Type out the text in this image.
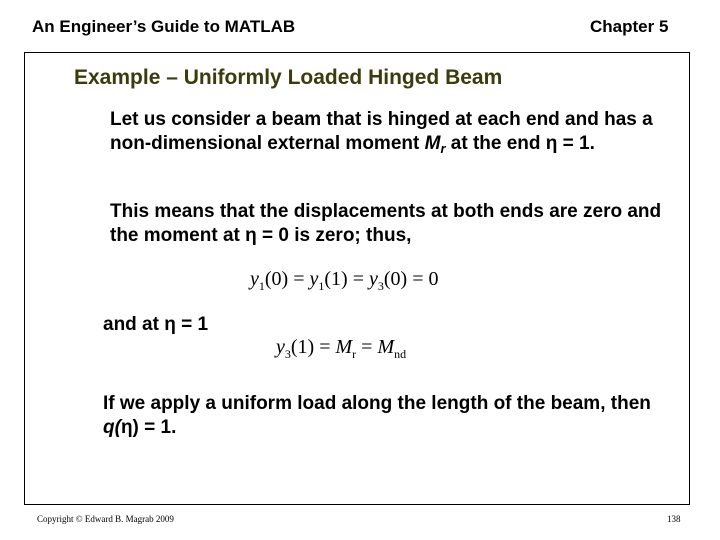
An Engineer’s Guide to MATLAB	Chapter 5
Example – Uniformly Loaded Hinged Beam
Let us consider a beam that is hinged at each end and has a non-dimensional external moment $M_r$ at the end η = 1.
This means that the displacements at both ends are zero and the moment at η = 0 is zero; thus,
$y_1(0) = y_1(1) = y_3(0) = 0$
and at η = 1
$y_3(1) = M_r = M_{nd}$
If we apply a uniform load along the length of the beam, then q(η) = 1.
Copyright © Edward B. Magrab 2009	138
